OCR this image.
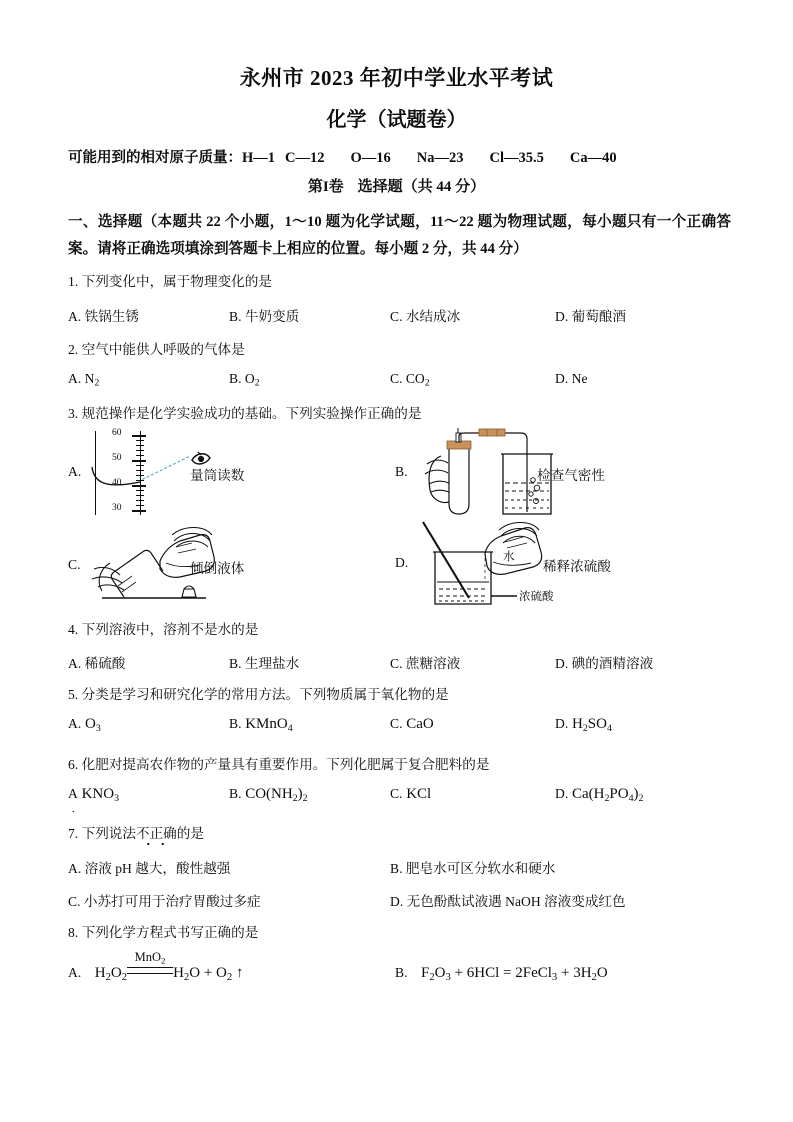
永州市 2023 年初中学业水平考试
化学（试题卷）
可能用到的相对原子质量：H—1 C—12 O—16 Na—23 Cl—35.5 Ca—40
第I卷 选择题（共 44 分）
一、选择题（本题共 22 个小题，1～10 题为化学试题，11～22 题为物理试题，每小题只有一个正确答案。请将正确选项填涂到答题卡上相应的位置。每小题 2 分，共 44 分）
1. 下列变化中，属于物理变化的是
A. 铁锅生锈	B. 牛奶变质	C. 水结成冰	D. 葡萄酿酒
2. 空气中能供人呼吸的气体是
A. $N_2$	B. $O_2$	C. $CO_2$	D. Ne
3. 规范操作是化学实验成功的基础。下列实验操作正确的是
A.
60
50
40
30
量筒读数	B.	检查气密性
C.	倾倒液体	D.	水
浓硫酸
稀释浓硫酸
4. 下列溶液中，溶剂不是水的是
A. 稀硫酸	B. 生理盐水	C. 蔗糖溶液	D. 碘的酒精溶液
5. 分类是学习和研究化学的常用方法。下列物质属于氧化物的是
A. $O_3$	B. KMnO$_4$	C. CaO	D. $H_2SO_4$
6. 化肥对提高农作物的产量具有重要作用。下列化肥属于复合肥料的是
A $KNO_3$	B. $CO(NH_2)_2$	C. KCl	D. $Ca(H_2PO_4)_2$
.
7. 下列说法不正确的是
A. 溶液 pH 越大，酸性越强	B. 肥皂水可区分软水和硬水
C. 小苏打可用于治疗胃酸过多症	D. 无色酚酞试液遇 NaOH 溶液变成红色
8. 下列化学方程式书写正确的是
A. $H_2O_2$
MnO$_2$
$H_2O + O_2$ ↑	B. $F_2O_3 + 6HCl$ = 2FeCl$_3$ + $3H_2O$
